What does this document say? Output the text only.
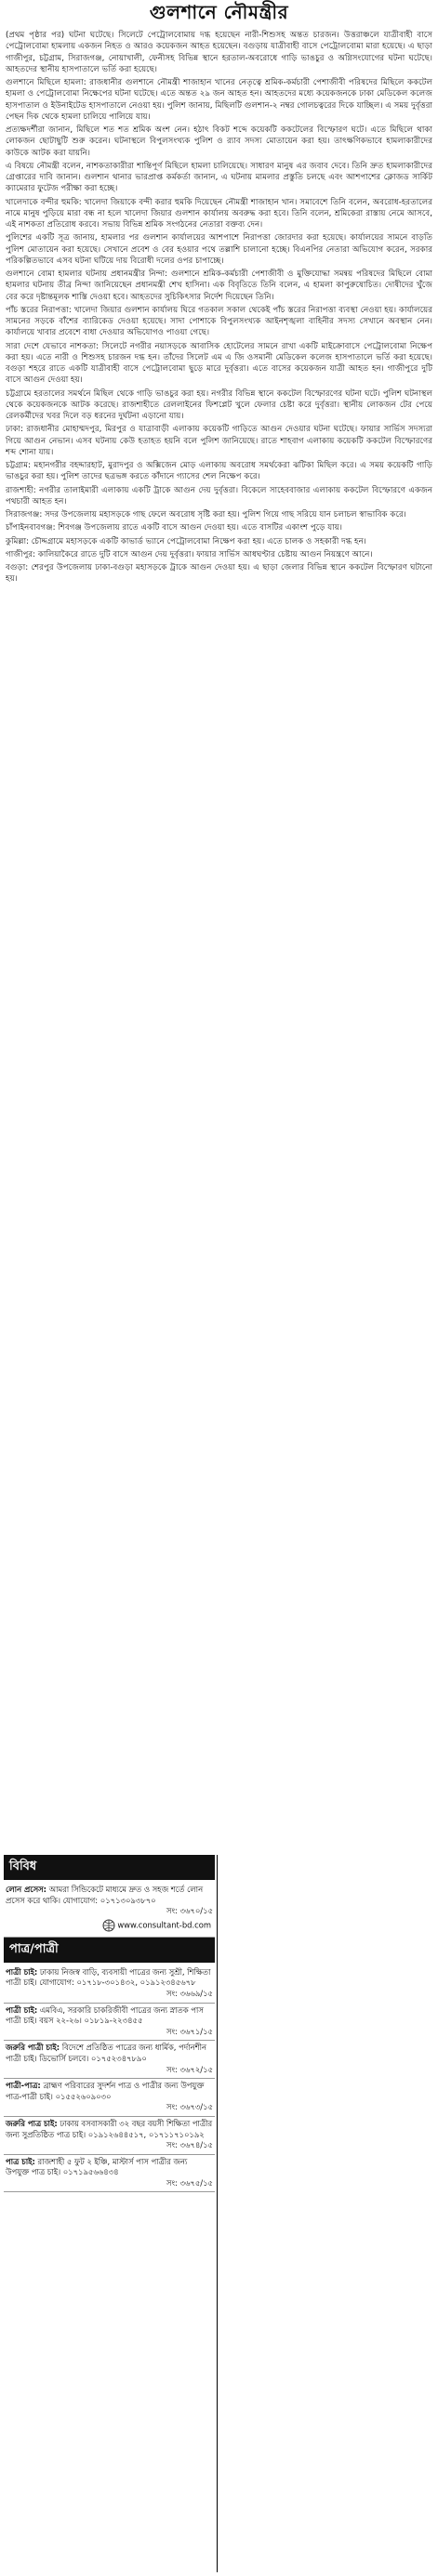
গুলশানে নৌমন্ত্রীর

(প্রথম পৃষ্ঠার পর) ঘটনা ঘটেছে। সিলেটে পেট্রোলবোমায় দগ্ধ হয়েছেন নারী-শিশুসহ অন্তত চারজন। উত্তরাঞ্চলে যাত্রীবাহী বাসে পেট্রোলবোমা হামলায় একজন নিহত ও আরও কয়েকজন আহত হয়েছেন। বগুড়ায় যাত্রীবাহী বাসে পেট্রোলবোমা মারা হয়েছে। এ ছাড়া গাজীপুর, চট্টগ্রাম, সিরাজগঞ্জ, নোয়াখালী, ফেনীসহ বিভিন্ন স্থানে হরতাল-অবরোধে গাড়ি ভাঙচুর ও অগ্নিসংযোগের ঘটনা ঘটেছে। আহতদের স্থানীয় হাসপাতালে ভর্তি করা হয়েছে।

গুলশানে মিছিলে হামলা: রাজধানীর গুলশানে নৌমন্ত্রী শাজাহান খানের নেতৃত্বে শ্রমিক-কর্মচারী পেশাজীবী পরিষদের মিছিলে ককটেল হামলা ও পেট্রোলবোমা নিক্ষেপের ঘটনা ঘটেছে। এতে অন্তত ২৯ জন আহত হন। আহতদের মধ্যে কয়েকজনকে ঢাকা মেডিকেল কলেজ হাসপাতাল ও ইউনাইটেড হাসপাতালে নেওয়া হয়। পুলিশ জানায়, মিছিলটি গুলশান-২ নম্বর গোলচত্বরের দিকে যাচ্ছিল। এ সময় দুর্বৃত্তরা পেছন দিক থেকে হামলা চালিয়ে পালিয়ে যায়।

প্রত্যক্ষদর্শীরা জানান, মিছিলে শত শত শ্রমিক অংশ নেন। হঠাৎ বিকট শব্দে কয়েকটি ককটেলের বিস্ফোরণ ঘটে। এতে মিছিলে থাকা লোকজন ছোটাছুটি শুরু করেন। ঘটনাস্থলে বিপুলসংখ্যক পুলিশ ও র‍্যাব সদস্য মোতায়েন করা হয়। তাৎক্ষণিকভাবে হামলাকারীদের কাউকে আটক করা যায়নি।

এ বিষয়ে নৌমন্ত্রী বলেন, নাশকতাকারীরা শান্তিপূর্ণ মিছিলে হামলা চালিয়েছে। সাধারণ মানুষ এর জবাব দেবে। তিনি দ্রুত হামলাকারীদের গ্রেপ্তারের দাবি জানান। গুলশান থানার ভারপ্রাপ্ত কর্মকর্তা জানান, এ ঘটনায় মামলার প্রস্তুতি চলছে এবং আশপাশের ক্লোজড সার্কিট ক্যামেরার ফুটেজ পরীক্ষা করা হচ্ছে।

খালেদাকে বন্দীর হুমকি: খালেদা জিয়াকে বন্দী করার হুমকি দিয়েছেন নৌমন্ত্রী শাজাহান খান। সমাবেশে তিনি বলেন, অবরোধ-হরতালের নামে মানুষ পুড়িয়ে মারা বন্ধ না হলে খালেদা জিয়ার গুলশান কার্যালয় অবরুদ্ধ করা হবে। তিনি বলেন, শ্রমিকেরা রাস্তায় নেমে আসবে, এই নাশকতা প্রতিরোধ করবে। সভায় বিভিন্ন শ্রমিক সংগঠনের নেতারা বক্তব্য দেন।

পুলিশের একটি সূত্র জানায়, হামলার পর গুলশান কার্যালয়ের আশপাশে নিরাপত্তা জোরদার করা হয়েছে। কার্যালয়ের সামনে বাড়তি পুলিশ মোতায়েন করা হয়েছে। সেখানে প্রবেশ ও বের হওয়ার পথে তল্লাশি চালানো হচ্ছে। বিএনপির নেতারা অভিযোগ করেন, সরকার পরিকল্পিতভাবে এসব ঘটনা ঘটিয়ে দায় বিরোধী দলের ওপর চাপাচ্ছে।

গুলশানে বোমা হামলার ঘটনায় প্রধানমন্ত্রীর নিন্দা: গুলশানে শ্রমিক-কর্মচারী পেশাজীবী ও মুক্তিযোদ্ধা সমন্বয় পরিষদের মিছিলে বোমা হামলার ঘটনায় তীব্র নিন্দা জানিয়েছেন প্রধানমন্ত্রী শেখ হাসিনা। এক বিবৃতিতে তিনি বলেন, এ হামলা কাপুরুষোচিত। দোষীদের খুঁজে বের করে দৃষ্টান্তমূলক শাস্তি দেওয়া হবে। আহতদের সুচিকিৎসার নির্দেশ দিয়েছেন তিনি।

পাঁচ স্তরের নিরাপত্তা: খালেদা জিয়ার গুলশান কার্যালয় ঘিরে গতকাল সকাল থেকেই পাঁচ স্তরের নিরাপত্তা ব্যবস্থা নেওয়া হয়। কার্যালয়ের সামনের সড়কে বাঁশের ব্যারিকেড দেওয়া হয়েছে। সাদা পোশাকে বিপুলসংখ্যক আইনশৃঙ্খলা বাহিনীর সদস্য সেখানে অবস্থান নেন। কার্যালয়ে খাবার প্রবেশে বাধা দেওয়ার অভিযোগও পাওয়া গেছে।

সারা দেশে যেভাবে নাশকতা: সিলেটে নগরীর নয়াসড়কে আবাসিক হোটেলের সামনে রাখা একটি মাইক্রোবাসে পেট্রোলবোমা নিক্ষেপ করা হয়। এতে নারী ও শিশুসহ চারজন দগ্ধ হন। তাঁদের সিলেট এম এ জি ওসমানী মেডিকেল কলেজ হাসপাতালে ভর্তি করা হয়েছে। বগুড়া শহরে রাতে একটি যাত্রীবাহী বাসে পেট্রোলবোমা ছুড়ে মারে দুর্বৃত্তরা। এতে বাসের কয়েকজন যাত্রী আহত হন। গাজীপুরে দুটি বাসে আগুন দেওয়া হয়।

চট্টগ্রামে হরতালের সমর্থনে মিছিল থেকে গাড়ি ভাঙচুর করা হয়। নগরীর বিভিন্ন স্থানে ককটেল বিস্ফোরণের ঘটনা ঘটে। পুলিশ ঘটনাস্থল থেকে কয়েকজনকে আটক করেছে। রাজশাহীতে রেললাইনের ফিশপ্লেট খুলে ফেলার চেষ্টা করে দুর্বৃত্তরা। স্থানীয় লোকজন টের পেয়ে রেলকর্মীদের খবর দিলে বড় ধরনের দুর্ঘটনা এড়ানো যায়।

ঢাকা: রাজধানীর মোহাম্মদপুর, মিরপুর ও যাত্রাবাড়ী এলাকায় কয়েকটি গাড়িতে আগুন দেওয়ার ঘটনা ঘটেছে। ফায়ার সার্ভিস সদস্যরা গিয়ে আগুন নেভান। এসব ঘটনায় কেউ হতাহত হয়নি বলে পুলিশ জানিয়েছে। রাতে শাহবাগ এলাকায় কয়েকটি ককটেল বিস্ফোরণের শব্দ শোনা যায়।

চট্টগ্রাম: মহানগরীর বহদ্দারহাট, মুরাদপুর ও অক্সিজেন মোড় এলাকায় অবরোধ সমর্থকেরা ঝটিকা মিছিল করে। এ সময় কয়েকটি গাড়ি ভাঙচুর করা হয়। পুলিশ তাদের ছত্রভঙ্গ করতে কাঁদানে গ্যাসের শেল নিক্ষেপ করে।

রাজশাহী: নগরীর তালাইমারী এলাকায় একটি ট্রাকে আগুন দেয় দুর্বৃত্তরা। বিকেলে সাহেববাজার এলাকায় ককটেল বিস্ফোরণে একজন পথচারী আহত হন।

সিরাজগঞ্জ: সদর উপজেলায় মহাসড়কে গাছ ফেলে অবরোধ সৃষ্টি করা হয়। পুলিশ গিয়ে গাছ সরিয়ে যান চলাচল স্বাভাবিক করে।

চাঁপাইনবাবগঞ্জ: শিবগঞ্জ উপজেলায় রাতে একটি বাসে আগুন দেওয়া হয়। এতে বাসটির একাংশ পুড়ে যায়।

কুমিল্লা: চৌদ্দগ্রামে মহাসড়কে একটি কাভার্ড ভ্যানে পেট্রোলবোমা নিক্ষেপ করা হয়। এতে চালক ও সহকারী দগ্ধ হন।

গাজীপুর: কালিয়াকৈরে রাতে দুটি বাসে আগুন দেয় দুর্বৃত্তরা। ফায়ার সার্ভিস আধঘণ্টার চেষ্টায় আগুন নিয়ন্ত্রণে আনে।

বগুড়া: শেরপুর উপজেলায় ঢাকা-বগুড়া মহাসড়কে ট্রাকে আগুন দেওয়া হয়। এ ছাড়া জেলার বিভিন্ন স্থানে ককটেল বিস্ফোরণ ঘটানো হয়।

বিবিধ
লোন প্রসেস: আমরা সিন্ডিকেটে মাধ্যমে দ্রুত ও সহজ শর্তে লোন প্রসেস করে থাকি। যোগাযোগ: ০১৭১৩০৯৩৮৭০
সং: ৩৬৭০/১৫
www.consultant-bd.com
পাত্র/পাত্রী
পাত্রী চাই: ঢাকায় নিজস্ব বাড়ি, ব্যবসায়ী পাত্রের জন্য সুশ্রী, শিক্ষিতা পাত্রী চাই। যোগাযোগ: ০১৭১৮-৩০১৪৩২, ০১৯১২৩৪৫৬৭৮
সং: ৩৬৬৯/১৫
পাত্রী চাই: এমবিএ, সরকারি চাকরিজীবী পাত্রের জন্য স্নাতক পাস পাত্রী চাই। বয়স ২২-২৬। ০১৮১৯-২২৩৪৫৫
সং: ৩৬৭১/১৫
জরুরি পাত্রী চাই: বিদেশে প্রতিষ্ঠিত পাত্রের জন্য ধার্মিক, পর্দানশীন পাত্রী চাই। ডিভোর্সি চলবে। ০১৭৫২৩৪৭৮৯০
সং: ৩৬৭২/১৫
পাত্রী-পাত্র: ব্রাহ্মণ পরিবারের সুদর্শন পাত্র ও পাত্রীর জন্য উপযুক্ত পাত্র-পাত্রী চাই। ০১৫৫২৬০৯০৩০
সং: ৩৬৭৩/১৫
জরুরি পাত্র চাই: ঢাকায় বসবাসকারী ৩২ বছর বয়সী শিক্ষিতা পাত্রীর জন্য সুপ্রতিষ্ঠিত পাত্র চাই। ০১৯১২৬৪৪৫১৭, ০১৭১১৭১০১৯২
সং: ৩৬৭৪/১৫
পাত্র চাই: রাজশাহী ৫ ফুট ২ ইঞ্চি, মাস্টার্স পাস পাত্রীর জন্য উপযুক্ত পাত্র চাই। ০১৭১৯৫৬৬৪৩৪
সং: ৩৬৭৫/১৫
